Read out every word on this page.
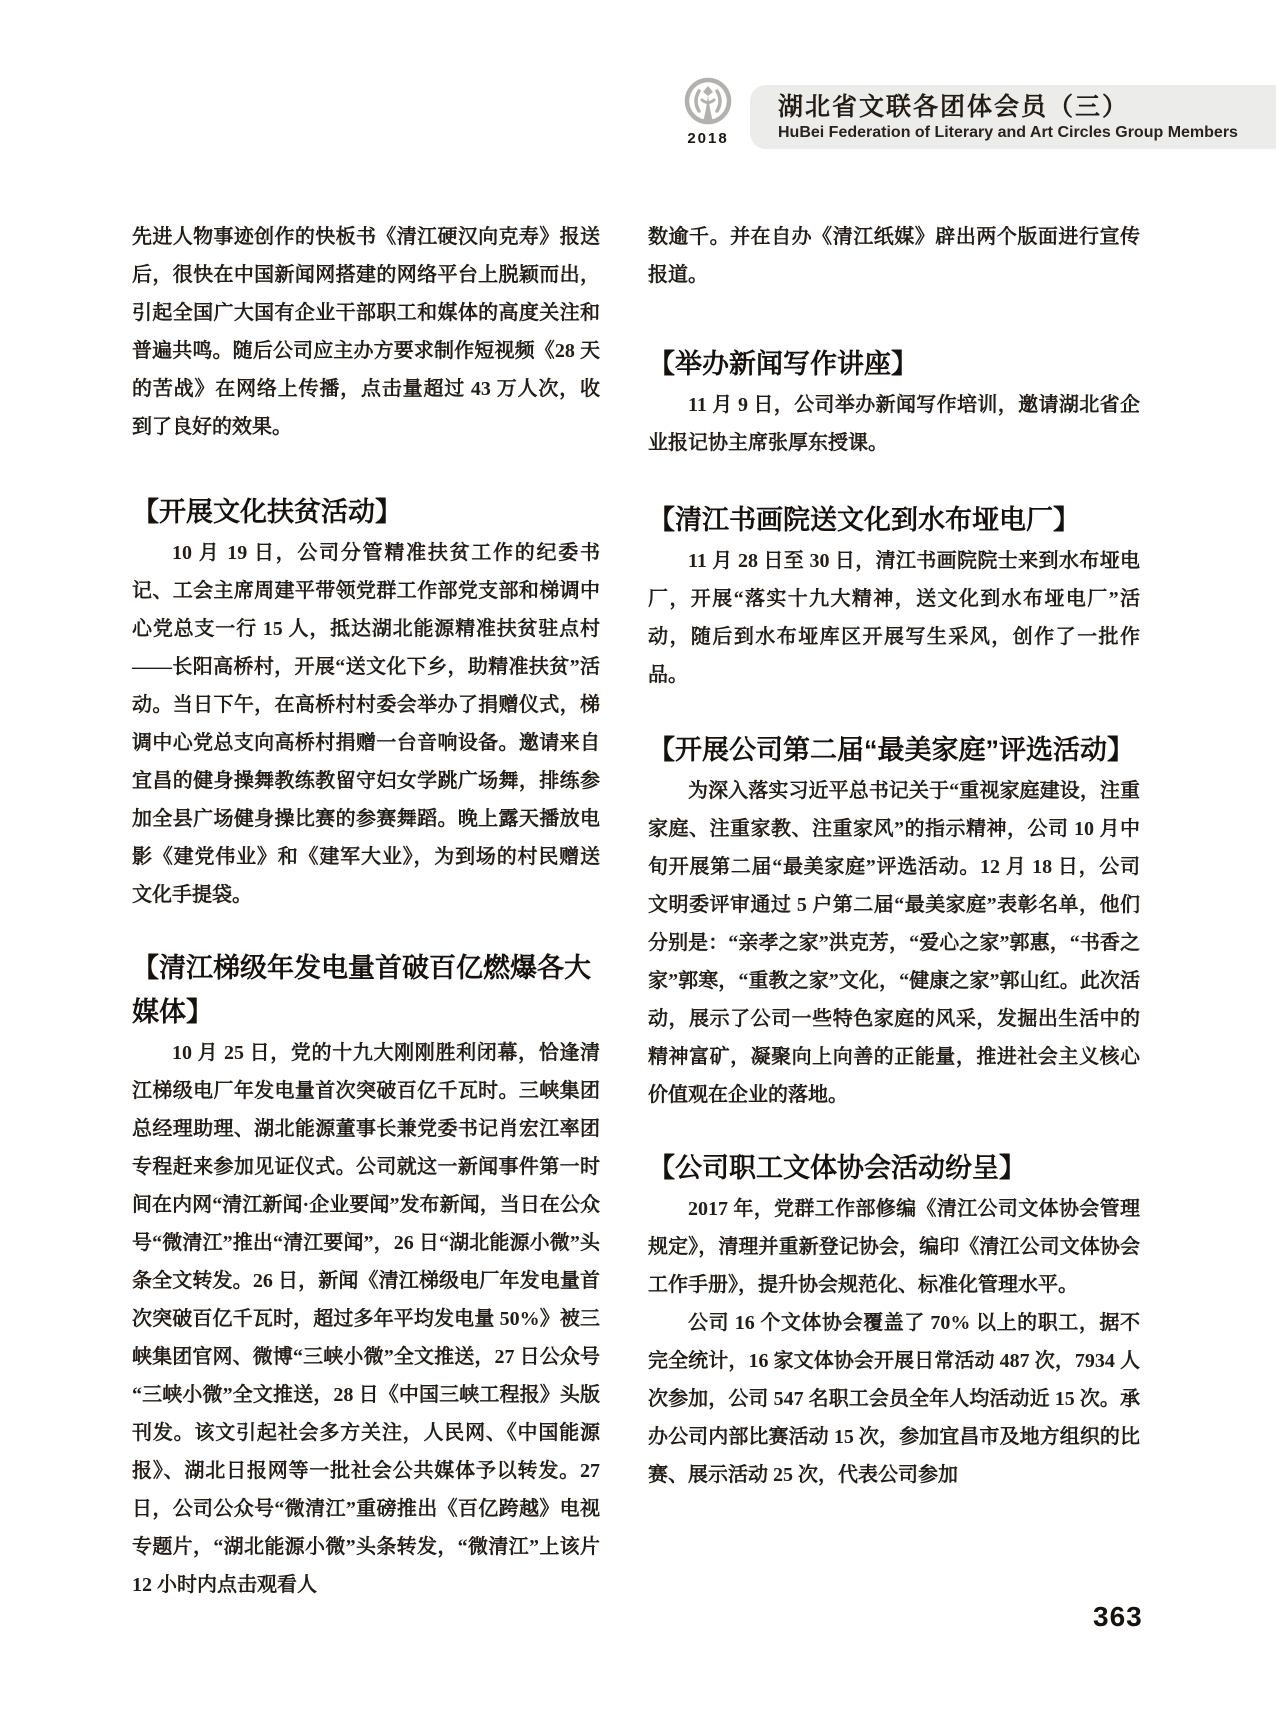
2018
湖北省文联各团体会员（三）
HuBei Federation of Literary and Art Circles Group Members

先进人物事迹创作的快板书《清江硬汉向克寿》报送后，很快在中国新闻网搭建的网络平台上脱颖而出，引起全国广大国有企业干部职工和媒体的高度关注和普遍共鸣。随后公司应主办方要求制作短视频《28 天的苦战》在网络上传播，点击量超过 43 万人次，收到了良好的效果。

【开展文化扶贫活动】

10 月 19 日，公司分管精准扶贫工作的纪委书记、工会主席周建平带领党群工作部党支部和梯调中心党总支一行 15 人，抵达湖北能源精准扶贫驻点村——长阳高桥村，开展“送文化下乡，助精准扶贫”活动。当日下午，在高桥村村委会举办了捐赠仪式，梯调中心党总支向高桥村捐赠一台音响设备。邀请来自宜昌的健身操舞教练教留守妇女学跳广场舞，排练参加全县广场健身操比赛的参赛舞蹈。晚上露天播放电影《建党伟业》和《建军大业》，为到场的村民赠送文化手提袋。

【清江梯级年发电量首破百亿燃爆各大媒体】

10 月 25 日，党的十九大刚刚胜利闭幕，恰逢清江梯级电厂年发电量首次突破百亿千瓦时。三峡集团总经理助理、湖北能源董事长兼党委书记肖宏江率团专程赶来参加见证仪式。公司就这一新闻事件第一时间在内网“清江新闻·企业要闻”发布新闻，当日在公众号“微清江”推出“清江要闻”，26 日“湖北能源小微”头条全文转发。26 日，新闻《清江梯级电厂年发电量首次突破百亿千瓦时，超过多年平均发电量 50%》被三峡集团官网、微博“三峡小微”全文推送，27 日公众号“三峡小微”全文推送，28 日《中国三峡工程报》头版刊发。该文引起社会多方关注，人民网、《中国能源报》、湖北日报网等一批社会公共媒体予以转发。27 日，公司公众号“微清江”重磅推出《百亿跨越》电视专题片，“湖北能源小微”头条转发，“微清江”上该片 12 小时内点击观看人

数逾千。并在自办《清江纸媒》辟出两个版面进行宣传报道。

【举办新闻写作讲座】

11 月 9 日，公司举办新闻写作培训，邀请湖北省企业报记协主席张厚东授课。

【清江书画院送文化到水布垭电厂】

11 月 28 日至 30 日，清江书画院院士来到水布垭电厂，开展“落实十九大精神，送文化到水布垭电厂”活动，随后到水布垭库区开展写生采风，创作了一批作品。

【开展公司第二届“最美家庭”评选活动】

为深入落实习近平总书记关于“重视家庭建设，注重家庭、注重家教、注重家风”的指示精神，公司 10 月中旬开展第二届“最美家庭”评选活动。12 月 18 日，公司文明委评审通过 5 户第二届“最美家庭”表彰名单，他们分别是：“亲孝之家”洪克芳，“爱心之家”郭惠，“书香之家”郭寒，“重教之家”文化，“健康之家”郭山红。此次活动，展示了公司一些特色家庭的风采，发掘出生活中的精神富矿，凝聚向上向善的正能量，推进社会主义核心价值观在企业的落地。

【公司职工文体协会活动纷呈】

2017 年，党群工作部修编《清江公司文体协会管理规定》，清理并重新登记协会，编印《清江公司文体协会工作手册》，提升协会规范化、标准化管理水平。

公司 16 个文体协会覆盖了 70% 以上的职工，据不完全统计，16 家文体协会开展日常活动 487 次，7934 人次参加，公司 547 名职工会员全年人均活动近 15 次。承办公司内部比赛活动 15 次，参加宜昌市及地方组织的比赛、展示活动 25 次，代表公司参加

363
